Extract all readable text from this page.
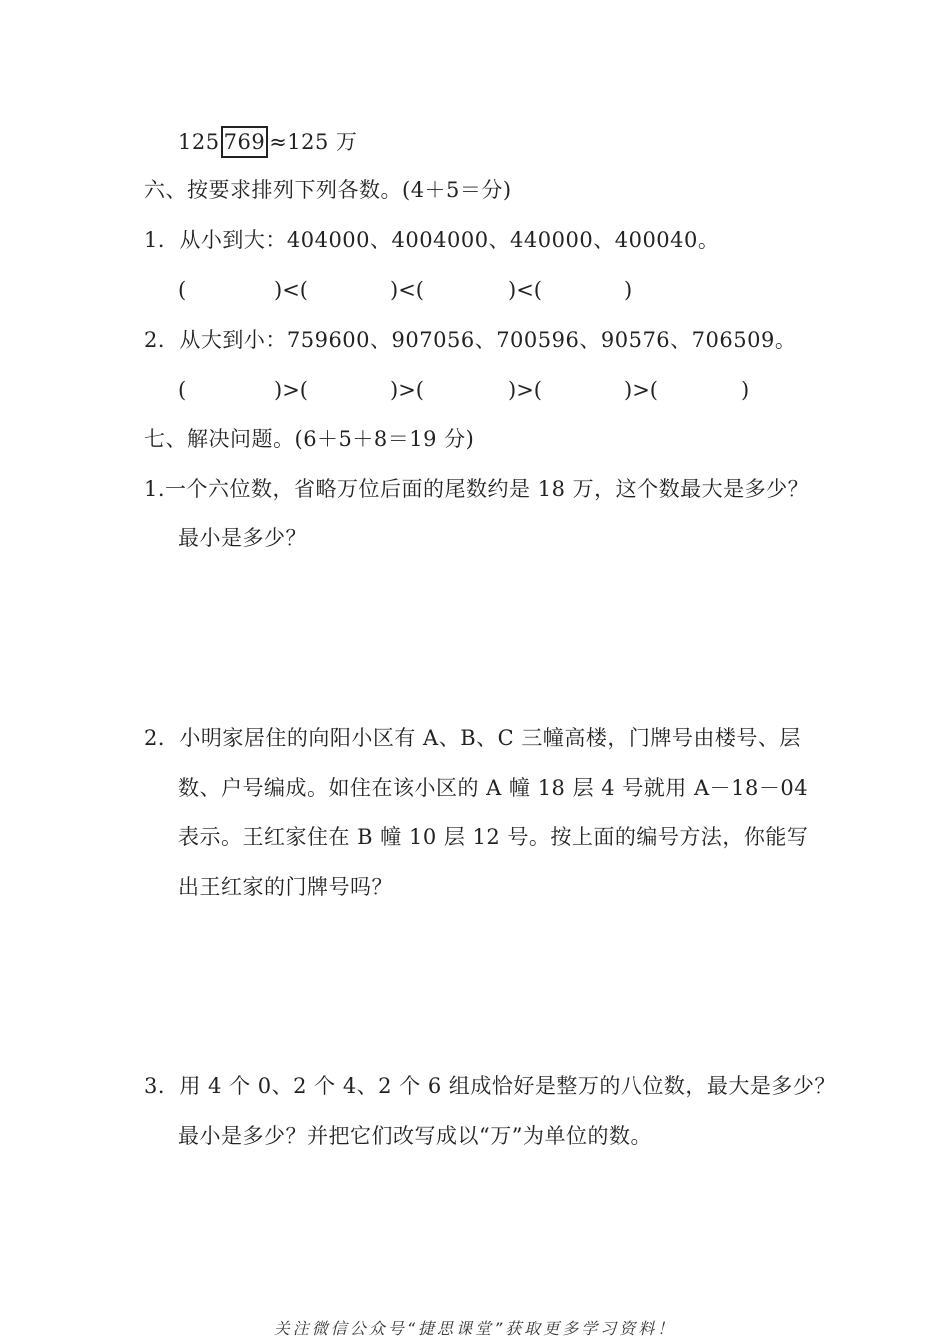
125 769 ≈125 万
六、按要求排列下列各数。(4＋5＝分)
1．从小到大：404000、4004000、440000、400040。
(	)<(	)<(	)<(	)
2．从大到小：759600、907056、700596、90576、706509。
(	)>(	)>(	)>(	)>(	)
七、解决问题。(6＋5＋8＝19 分)
1.一个六位数，省略万位后面的尾数约是 18 万，这个数最大是多少？
最小是多少？
2．小明家居住的向阳小区有 A、B、C 三幢高楼，门牌号由楼号、层
数、户号编成。如住在该小区的 A 幢 18 层 4 号就用 A－18－04
表示。王红家住在 B 幢 10 层 12 号。按上面的编号方法，你能写
出王红家的门牌号吗？
3．用 4 个 0、2 个 4、2 个 6 组成恰好是整万的八位数，最大是多少？
最小是多少？并把它们改写成以“万”为单位的数。
关注微信公众号“捷思课堂”获取更多学习资料！
